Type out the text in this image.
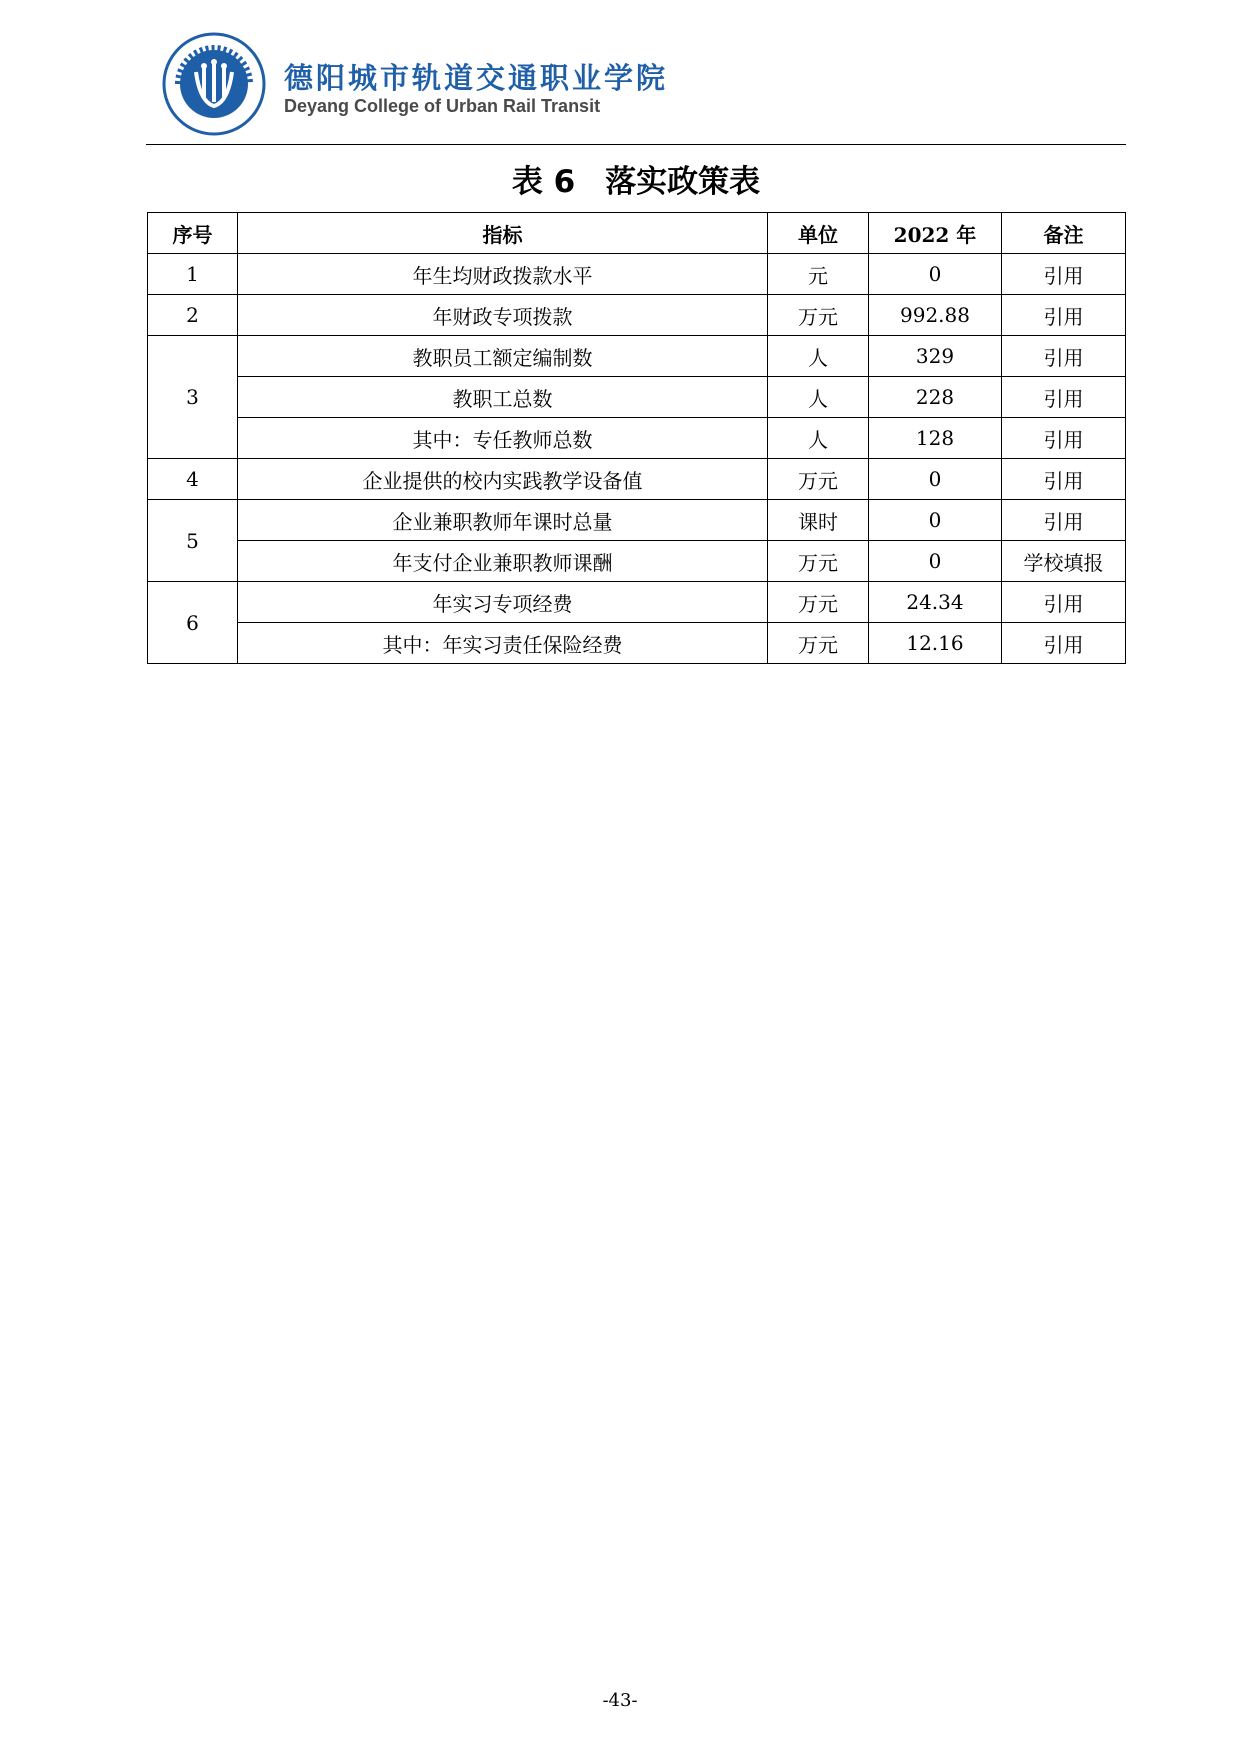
德阳城市轨道交通职业学院
Deyang College of Urban Rail Transit
表 6 落实政策表
序号	指标	单位	2022 年	备注
1	年生均财政拨款水平	元	0	引用
2	年财政专项拨款	万元	992.88	引用
3	教职员工额定编制数	人	329	引用
	教职工总数	人	228	引用
	其中：专任教师总数	人	128	引用
4	企业提供的校内实践教学设备值	万元	0	引用
5	企业兼职教师年课时总量	课时	0	引用
	年支付企业兼职教师课酬	万元	0	学校填报
6	年实习专项经费	万元	24.34	引用
	其中：年实习责任保险经费	万元	12.16	引用
-43-
